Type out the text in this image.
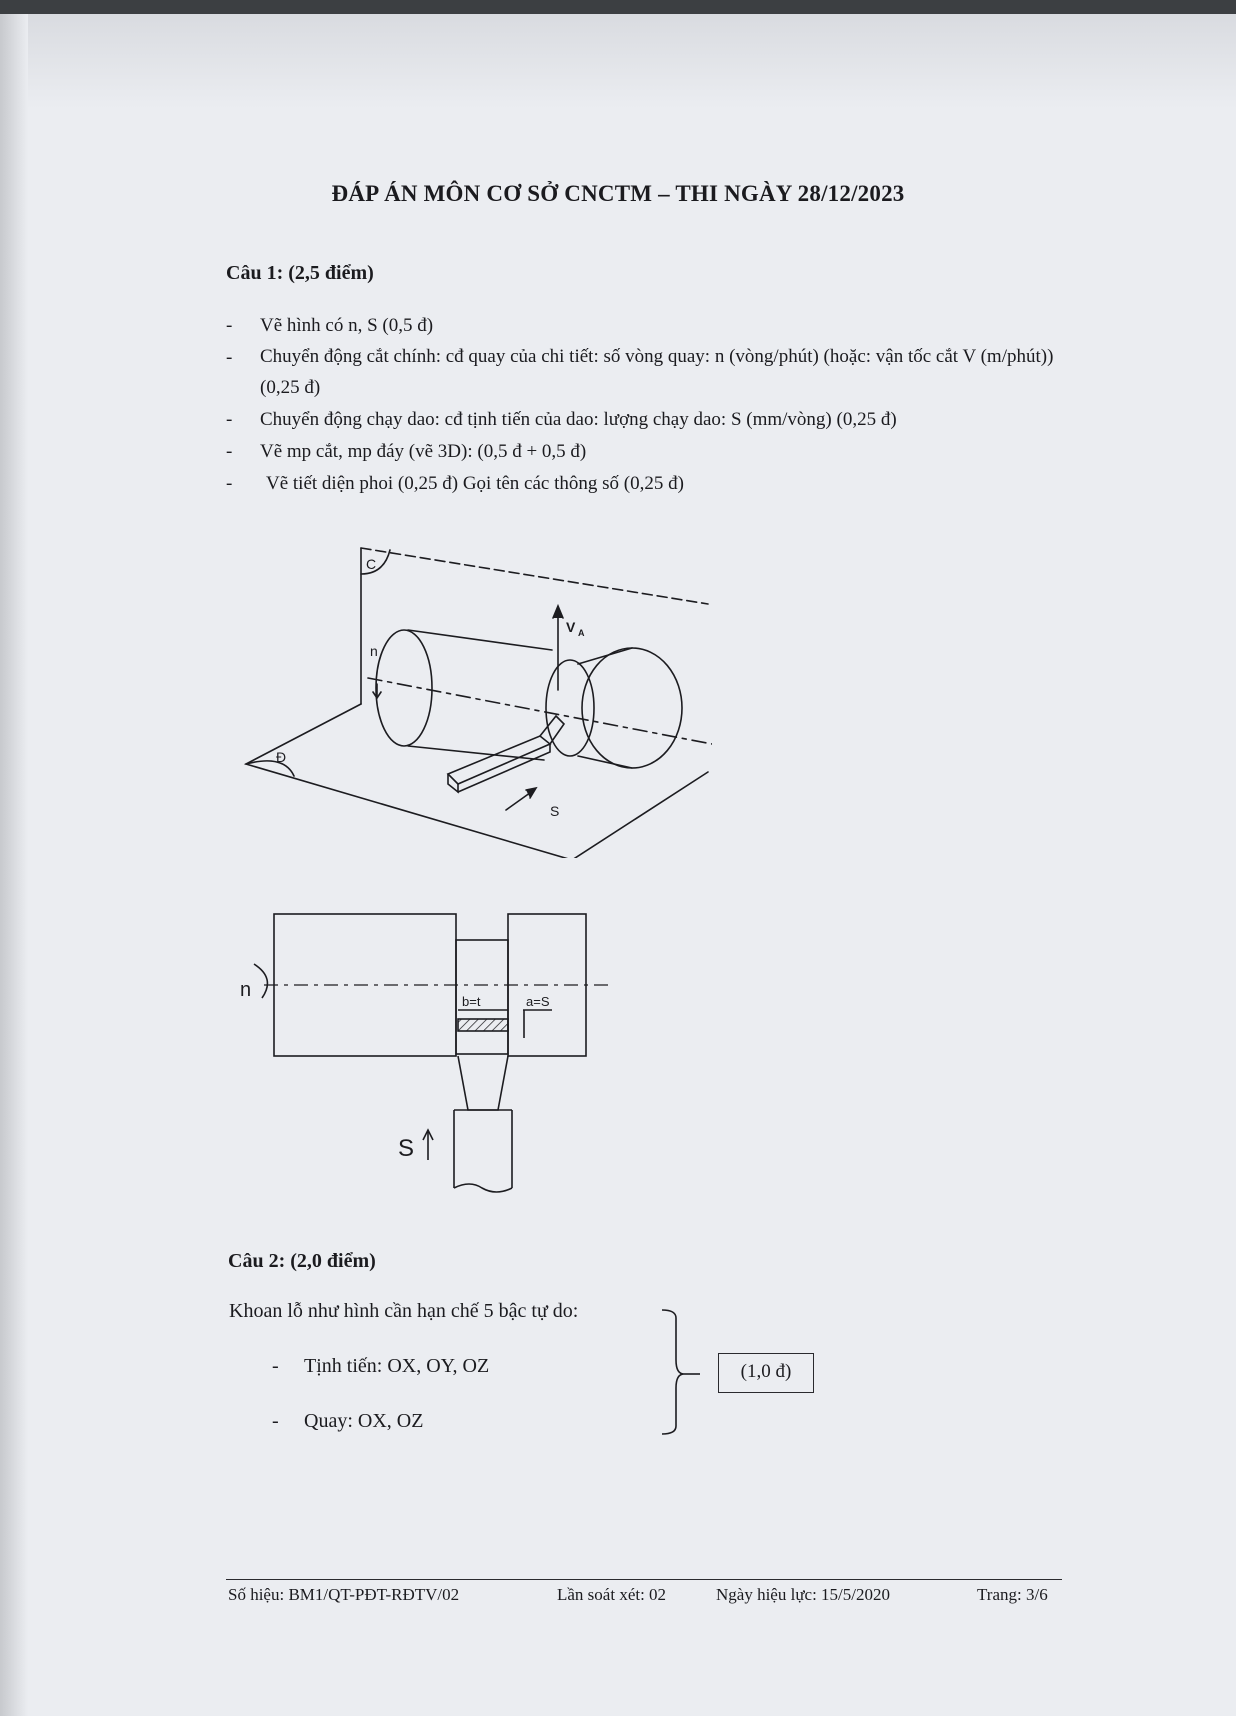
ĐÁP ÁN MÔN CƠ SỞ CNCTM – THI NGÀY 28/12/2023
Câu 1: (2,5 điểm)
- Vẽ hình có n, S (0,5 đ)
- Chuyển động cắt chính: cđ quay của chi tiết: số vòng quay: n (vòng/phút) (hoặc: vận tốc cắt V (m/phút)) (0,25 đ)
- Chuyển động chạy dao: cđ tịnh tiến của dao: lượng chạy dao: S (mm/vòng) (0,25 đ)
- Vẽ mp cắt, mp đáy (vẽ 3D): (0,5 đ + 0,5 đ)
- Vẽ tiết diện phoi (0,25 đ) Gọi tên các thông số (0,25 đ)
C
Đ
n
V A
S
n
b=t	a=S
S
Câu 2: (2,0 điểm)
Khoan lỗ như hình cần hạn chế 5 bậc tự do:
- Tịnh tiến: OX, OY, OZ
- Quay: OX, OZ
(1,0 đ)
Số hiệu: BM1/QT-PĐT-RĐTV/02	Lần soát xét: 02	Ngày hiệu lực: 15/5/2020	Trang: 3/6
